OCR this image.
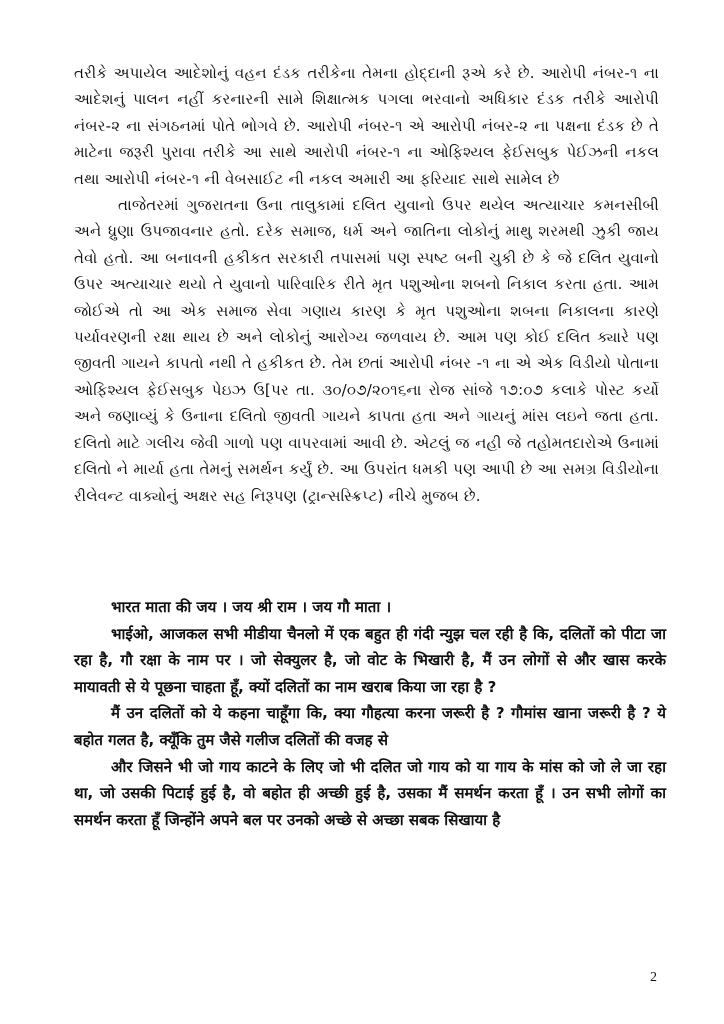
તરીકે અપાયેલ આદેશોનું વહન દંડક તરીકેના તેમના હોદ્દાની રૂએ કરે છે. આરોપી નંબર-૧ ના આદેશનું પાલન નહીં કરનારની સામે શિક્ષાત્મક પગલા ભરવાનો અધિકાર દંડક તરીકે આરોપી નંબર-૨ ના સંગઠનમાં પોતે ભોગવે છે. આરોપી નંબર-૧ એ આરોપી નંબર-૨ ના પક્ષના દંડક છે તે માટેના જરૂરી પુરાવા તરીકે આ સાથે આરોપી નંબર-૧ ના ઓફિશ્યલ ફેઈસબુક પેઈઝની નકલ તથા આરોપી નંબર-૧ ની વેબસાઈટ ની નકલ અમારી આ ફરિયાદ સાથે સામેલ છે

તાજેતરમાં ગુજરાતના ઉના તાલુકામાં દલિત યુવાનો ઉપર થયેલ અત્યાચાર કમનસીબી અને ધ્રુણા ઉપજાવનાર હતો. દરેક સમાજ, ધર્મ અને જાતિના લોકોનું માથુ શરમથી ઝુકી જાય તેવો હતો. આ બનાવની હકીકત સરકારી તપાસમાં પણ સ્પષ્ટ બની ચુકી છે કે જે દલિત યુવાનો ઉપર અત્યાચાર થયો તે યુવાનો પારિવારિક રીતે મૃત પશુઓના શબનો નિકાલ કરતા હતા. આમ જોઈએ તો આ એક સમાજ સેવા ગણાય કારણ કે મૃત પશુઓના શબના નિકાલના કારણે પર્યાવરણની રક્ષા થાય છે અને લોકોનું આરોગ્ય જળવાય છે. આમ પણ કોઈ દલિત ક્યારે પણ જીવતી ગાયને કાપતો નથી તે હકીકત છે. તેમ છતાં આરોપી નંબર -૧ ના એ એક વિડીયો પોતાના ઓફિશ્યલ ફેઈસબુક પેઇઝ ઉ[પર તા. ૩૦/૦૭/૨૦૧૬ના રોજ સાંજે ૧૭:૦૭ કલાકે પોસ્ટ કર્યો અને જણાવ્યું કે ઉનાના દલિતો જીવતી ગાયને કાપતા હતા અને ગાયનું માંસ લઇને જતા હતા. દલિતો માટે ગલીચ જેવી ગાળો પણ વાપરવામાં આવી છે. એટલું જ નહી જે તહોમતદારોએ ઉનામાં દલિતો ને માર્યા હતા તેમનું સમર્થન કર્યું છે. આ ઉપરાંત ધમકી પણ આપી છે આ સમગ્ર વિડીયોના રીલેવન્ટ વાક્યોનું અક્ષર સહ નિરૂપણ (ટ્રાન્સસ્ક્રિપ્ટ) નીચે મુજબ છે.

भारत माता की जय । जय श्री राम । जय गौ माता ।

भाईओ, आजकल सभी मीडीया चैनलो में एक बहुत ही गंदी न्युझ चल रही है कि, दलितों को पीटा जा रहा है, गौ रक्षा के नाम पर । जो सेक्युलर है, जो वोट के भिखारी है, मैं उन लोगों से और खास करके मायावती से ये पूछना चाहता हूँ, क्यों दलितों का नाम खराब किया जा रहा है ?

मैं उन दलितों को ये कहना चाहूँगा कि, क्या गौहत्या करना जरूरी है ? गौमांस खाना जरूरी है ? ये बहोत गलत है, क्यूँकि तुम जैसे गलीज दलितों की वजह से

और जिसने भी जो गाय काटने के लिए जो भी दलित जो गाय को या गाय के मांस को जो ले जा रहा था, जो उसकी पिटाई हुई है, वो बहोत ही अच्छी हुई है, उसका मैं समर्थन करता हूँ । उन सभी लोगों का समर्थन करता हूँ जिन्होंने अपने बल पर उनको अच्छे से अच्छा सबक सिखाया है

2
